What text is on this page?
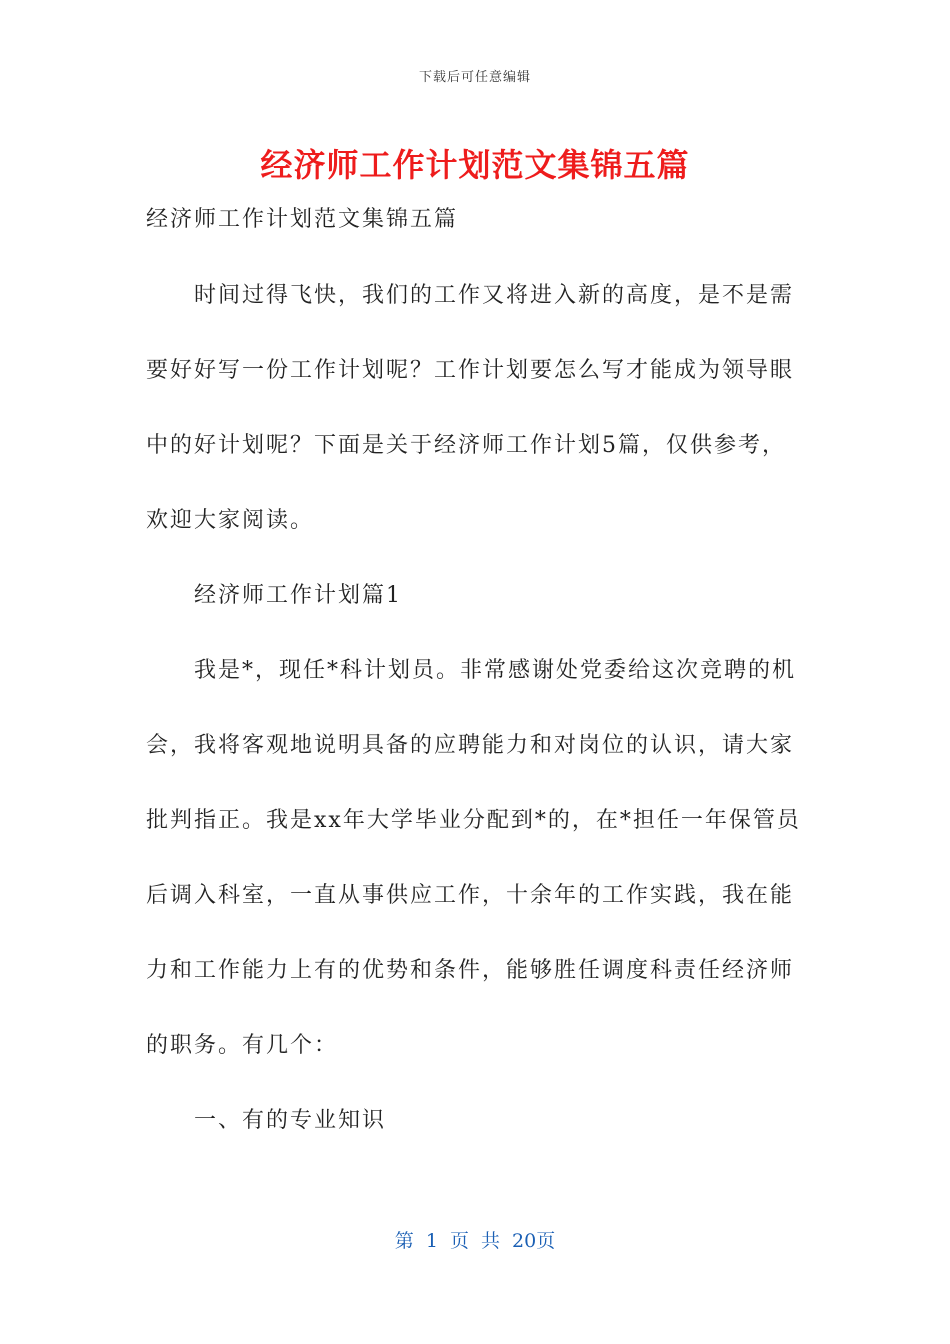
下载后可任意编辑
经济师工作计划范文集锦五篇

经济师工作计划范文集锦五篇

时间过得飞快，我们的工作又将进入新的高度，是不是需要好好写一份工作计划呢？工作计划要怎么写才能成为领导眼中的好计划呢？下面是关于经济师工作计划5篇，仅供参考，欢迎大家阅读。

经济师工作计划篇1

我是*，现任*科计划员。非常感谢处党委给这次竞聘的机会，我将客观地说明具备的应聘能力和对岗位的认识，请大家批判指正。我是xx年大学毕业分配到*的，在*担任一年保管员后调入科室，一直从事供应工作，十余年的工作实践，我在能力和工作能力上有的优势和条件，能够胜任调度科责任经济师的职务。有几个：

一、有的专业知识

第 1 页 共 20页
